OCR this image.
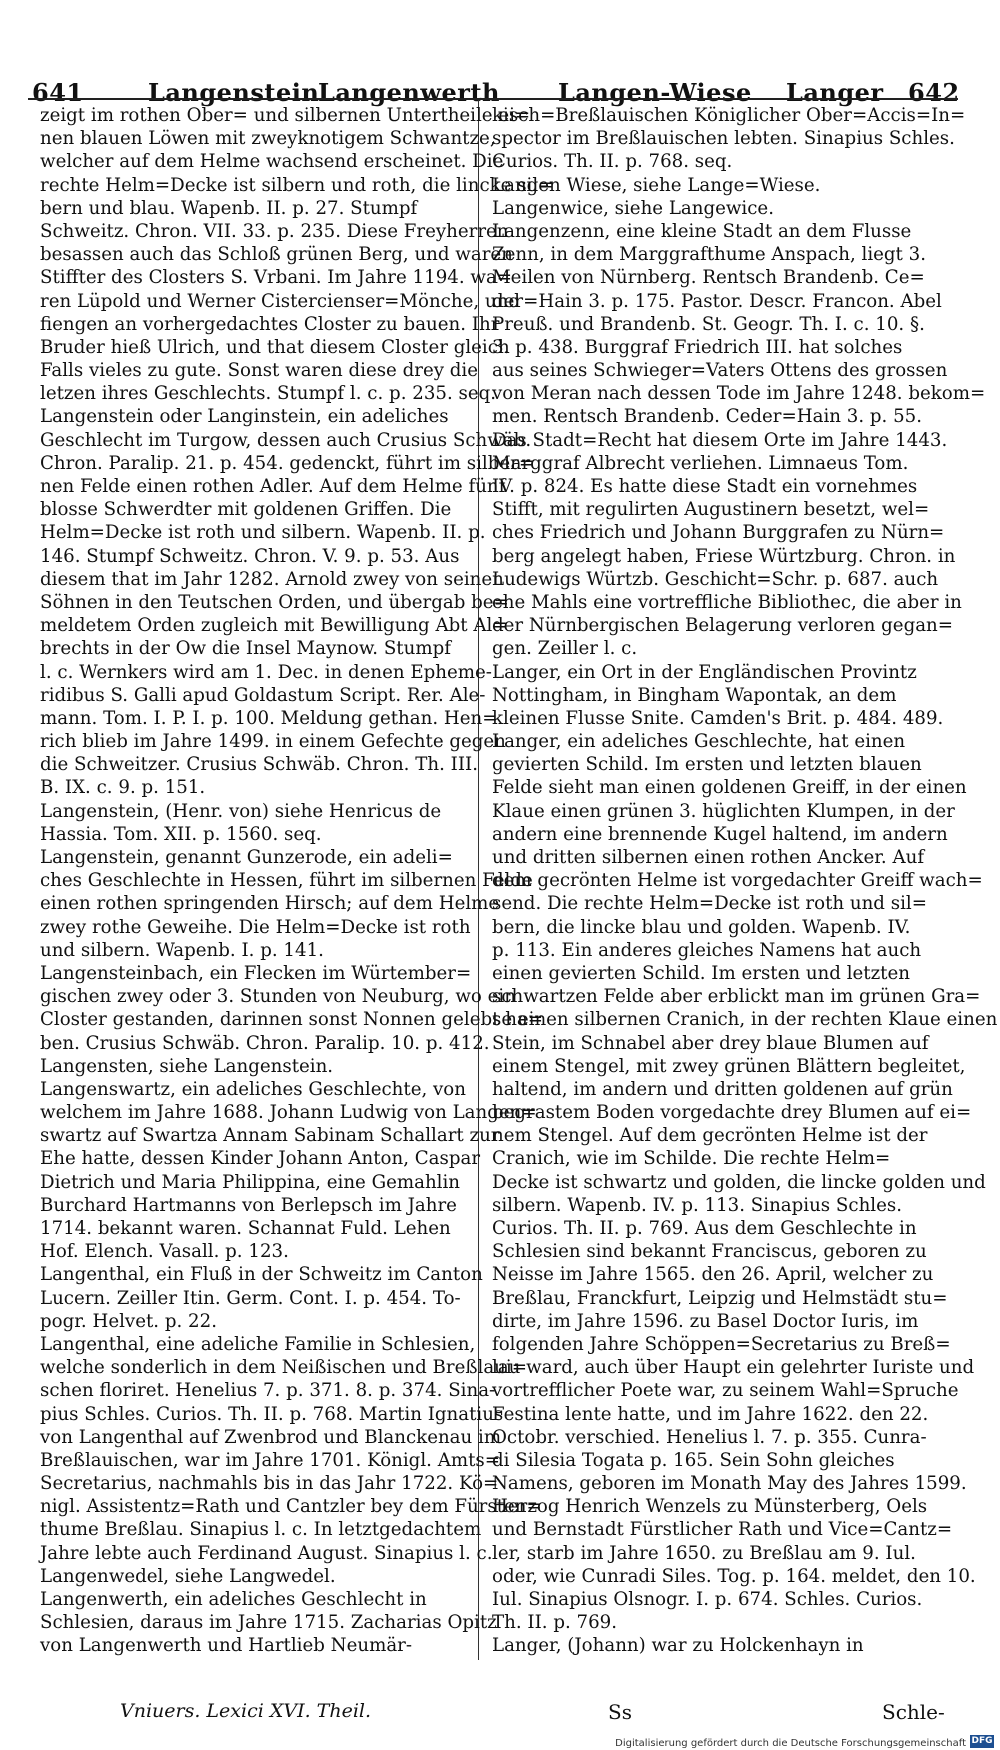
641	Langenstein
Langenwerth Langen-Wiese Langer 642
zeigt im rothen Ober= und silbernen Untertheile ei=
nen blauen Löwen mit zweyknotigem Schwantze,
welcher auf dem Helme wachsend erscheinet. Die
rechte Helm=Decke ist silbern und roth, die lincke sil=
bern und blau. Wapenb. II. p. 27. Stumpf
Schweitz. Chron. VII. 33. p. 235. Diese Freyherren
besassen auch das Schloß grünen Berg, und waren
Stiffter des Closters S. Vrbani. Im Jahre 1194. wa=
ren Lüpold und Werner Cistercienser=Mönche, und
fiengen an vorhergedachtes Closter zu bauen. Ihr
Bruder hieß Ulrich, und that diesem Closter gleich
Falls vieles zu gute. Sonst waren diese drey die
letzen ihres Geschlechts. Stumpf l. c. p. 235. seq.
Langenstein oder Langinstein, ein adeliches
Geschlecht im Turgow, dessen auch Crusius Schwäb.
Chron. Paralip. 21. p. 454. gedenckt, führt im silber=
nen Felde einen rothen Adler. Auf dem Helme fünf
blosse Schwerdter mit goldenen Griffen. Die
Helm=Decke ist roth und silbern. Wapenb. II. p.
146. Stumpf Schweitz. Chron. V. 9. p. 53. Aus
diesem that im Jahr 1282. Arnold zwey von seinen
Söhnen in den Teutschen Orden, und übergab be=
meldetem Orden zugleich mit Bewilligung Abt Al=
brechts in der Ow die Insel Maynow. Stumpf
l. c. Wernkers wird am 1. Dec. in denen Epheme-
ridibus S. Galli apud Goldastum Script. Rer. Ale-
mann. Tom. I. P. I. p. 100. Meldung gethan. Hen=
rich blieb im Jahre 1499. in einem Gefechte gegen
die Schweitzer. Crusius Schwäb. Chron. Th. III.
B. IX. c. 9. p. 151.
Langenstein, (Henr. von) siehe Henricus de
Hassia. Tom. XII. p. 1560. seq.
Langenstein, genannt Gunzerode, ein adeli=
ches Geschlechte in Hessen, führt im silbernen Felde
einen rothen springenden Hirsch; auf dem Helme
zwey rothe Geweihe. Die Helm=Decke ist roth
und silbern. Wapenb. I. p. 141.
Langensteinbach, ein Flecken im Würtember=
gischen zwey oder 3. Stunden von Neuburg, wo ein
Closter gestanden, darinnen sonst Nonnen gelebt ha=
ben. Crusius Schwäb. Chron. Paralip. 10. p. 412.
Langensten, siehe Langenstein.
Langenswartz, ein adeliches Geschlechte, von
welchem im Jahre 1688. Johann Ludwig von Langen=
swartz auf Swartza Annam Sabinam Schallart zur
Ehe hatte, dessen Kinder Johann Anton, Caspar
Dietrich und Maria Philippina, eine Gemahlin
Burchard Hartmanns von Berlepsch im Jahre
1714. bekannt waren. Schannat Fuld. Lehen
Hof. Elench. Vasall. p. 123.
Langenthal, ein Fluß in der Schweitz im Canton
Lucern. Zeiller Itin. Germ. Cont. I. p. 454. To-
pogr. Helvet. p. 22.
Langenthal, eine adeliche Familie in Schlesien,
welche sonderlich in dem Neißischen und Breßlaui=
schen floriret. Henelius 7. p. 371. 8. p. 374. Sina-
pius Schles. Curios. Th. II. p. 768. Martin Ignatius
von Langenthal auf Zwenbrod und Blanckenau im
Breßlauischen, war im Jahre 1701. Königl. Amts=
Secretarius, nachmahls bis in das Jahr 1722. Kö=
nigl. Assistentz=Rath und Cantzler bey dem Fürsten=
thume Breßlau. Sinapius l. c. In letztgedachtem
Jahre lebte auch Ferdinand August. Sinapius l. c.
Langenwedel, siehe Langwedel.
Langenwerth, ein adeliches Geschlecht in
Schlesien, daraus im Jahre 1715. Zacharias Opitz
von Langenwerth und Hartlieb Neumär-
kisch=Breßlauischen Königlicher Ober=Accis=In=
spector im Breßlauischen lebten. Sinapius Schles.
Curios. Th. II. p. 768. seq.
Langen Wiese, siehe Lange=Wiese.
Langenwice, siehe Langewice.
Langenzenn, eine kleine Stadt an dem Flusse
Zenn, in dem Marggrafthume Anspach, liegt 3.
Meilen von Nürnberg. Rentsch Brandenb. Ce=
der=Hain 3. p. 175. Pastor. Descr. Francon. Abel
Preuß. und Brandenb. St. Geogr. Th. I. c. 10. §.
3. p. 438. Burggraf Friedrich III. hat solches
aus seines Schwieger=Vaters Ottens des grossen
von Meran nach dessen Tode im Jahre 1248. bekom=
men. Rentsch Brandenb. Ceder=Hain 3. p. 55.
Das Stadt=Recht hat diesem Orte im Jahre 1443.
Marggraf Albrecht verliehen. Limnaeus Tom.
IV. p. 824. Es hatte diese Stadt ein vornehmes
Stifft, mit regulirten Augustinern besetzt, wel=
ches Friedrich und Johann Burggrafen zu Nürn=
berg angelegt haben, Friese Würtzburg. Chron. in
Ludewigs Würtzb. Geschicht=Schr. p. 687. auch
ehe Mahls eine vortreffliche Bibliothec, die aber in
der Nürnbergischen Belagerung verloren gegan=
gen. Zeiller l. c.
Langer, ein Ort in der Engländischen Provintz
Nottingham, in Bingham Wapontak, an dem
kleinen Flusse Snite. Camden's Brit. p. 484. 489.
Langer, ein adeliches Geschlechte, hat einen
gevierten Schild. Im ersten und letzten blauen
Felde sieht man einen goldenen Greiff, in der einen
Klaue einen grünen 3. hüglichten Klumpen, in der
andern eine brennende Kugel haltend, im andern
und dritten silbernen einen rothen Ancker. Auf
dem gecrönten Helme ist vorgedachter Greiff wach=
send. Die rechte Helm=Decke ist roth und sil=
bern, die lincke blau und golden. Wapenb. IV.
p. 113. Ein anderes gleiches Namens hat auch
einen gevierten Schild. Im ersten und letzten
schwartzen Felde aber erblickt man im grünen Gra=
se einen silbernen Cranich, in der rechten Klaue einen
Stein, im Schnabel aber drey blaue Blumen auf
einem Stengel, mit zwey grünen Blättern begleitet,
haltend, im andern und dritten goldenen auf grün
begrastem Boden vorgedachte drey Blumen auf ei=
nem Stengel. Auf dem gecrönten Helme ist der
Cranich, wie im Schilde. Die rechte Helm=
Decke ist schwartz und golden, die lincke golden und
silbern. Wapenb. IV. p. 113. Sinapius Schles.
Curios. Th. II. p. 769. Aus dem Geschlechte in
Schlesien sind bekannt Franciscus, geboren zu
Neisse im Jahre 1565. den 26. April, welcher zu
Breßlau, Franckfurt, Leipzig und Helmstädt stu=
dirte, im Jahre 1596. zu Basel Doctor Iuris, im
folgenden Jahre Schöppen=Secretarius zu Breß=
lau ward, auch über Haupt ein gelehrter Iuriste und
vortrefflicher Poete war, zu seinem Wahl=Spruche
Festina lente hatte, und im Jahre 1622. den 22.
Octobr. verschied. Henelius l. 7. p. 355. Cunra-
di Silesia Togata p. 165. Sein Sohn gleiches
Namens, geboren im Monath May des Jahres 1599.
Herzog Henrich Wenzels zu Münsterberg, Oels
und Bernstadt Fürstlicher Rath und Vice=Cantz=
ler, starb im Jahre 1650. zu Breßlau am 9. Iul.
oder, wie Cunradi Siles. Tog. p. 164. meldet, den 10.
Iul. Sinapius Olsnogr. I. p. 674. Schles. Curios.
Th. II. p. 769.
Langer, (Johann) war zu Holckenhayn in
Vniuers. Lexici XVI. Theil.	Ss	Schle-
Digitalisierung gefördert durch die Deutsche Forschungsgemeinschaft DFG
